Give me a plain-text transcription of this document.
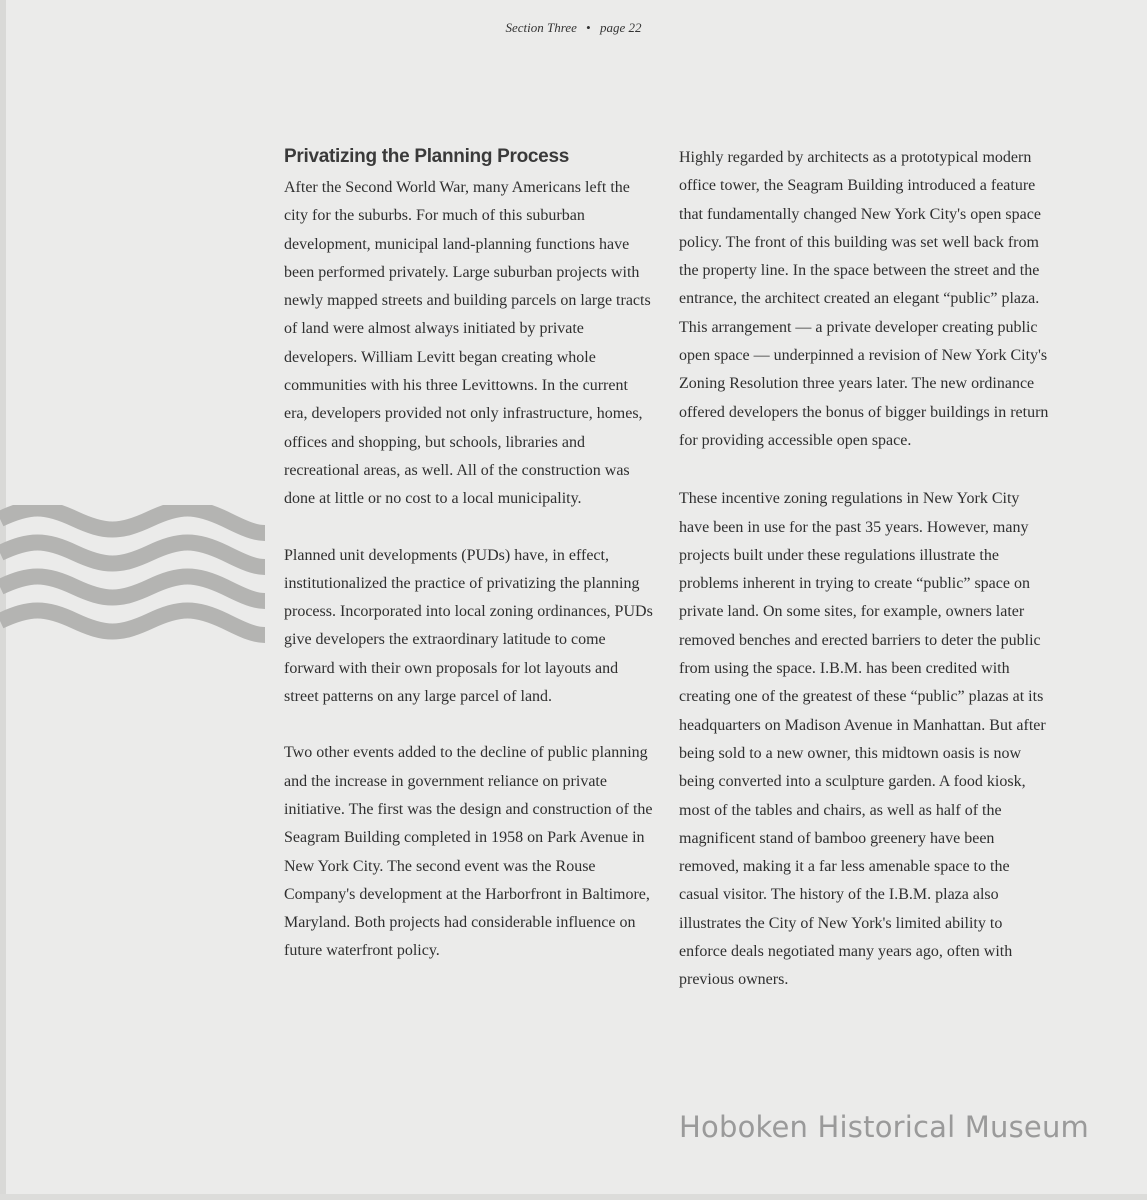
Section Three • page 22
Privatizing the Planning Process

After the Second World War, many Americans left the city for the suburbs. For much of this suburban development, municipal land-planning functions have been performed privately. Large suburban projects with newly mapped streets and building parcels on large tracts of land were almost always initiated by private developers. William Levitt began creating whole communities with his three Levittowns. In the current era, developers provided not only infrastructure, homes, offices and shopping, but schools, libraries and recreational areas, as well. All of the construction was done at little or no cost to a local municipality.

Planned unit developments (PUDs) have, in effect, institutionalized the practice of privatizing the planning process. Incorporated into local zoning ordinances, PUDs give developers the extraordinary latitude to come forward with their own proposals for lot layouts and street patterns on any large parcel of land.

Two other events added to the decline of public planning and the increase in government reliance on private initiative. The first was the design and construction of the Seagram Building completed in 1958 on Park Avenue in New York City. The second event was the Rouse Company's development at the Harborfront in Baltimore, Maryland. Both projects had considerable influence on future waterfront policy.

Highly regarded by architects as a prototypical modern office tower, the Seagram Building introduced a feature that fundamentally changed New York City's open space policy. The front of this building was set well back from the property line. In the space between the street and the entrance, the architect created an elegant “public” plaza. This arrangement — a private developer creating public open space — underpinned a revision of New York City's Zoning Resolution three years later. The new ordinance offered developers the bonus of bigger buildings in return for providing accessible open space.

These incentive zoning regulations in New York City have been in use for the past 35 years. However, many projects built under these regulations illustrate the problems inherent in trying to create “public” space on private land. On some sites, for example, owners later removed benches and erected barriers to deter the public from using the space. I.B.M. has been credited with creating one of the greatest of these “public” plazas at its headquarters on Madison Avenue in Manhattan. But after being sold to a new owner, this midtown oasis is now being converted into a sculpture garden. A food kiosk, most of the tables and chairs, as well as half of the magnificent stand of bamboo greenery have been removed, making it a far less amenable space to the casual visitor. The history of the I.B.M. plaza also illustrates the City of New York's limited ability to enforce deals negotiated many years ago, often with previous owners.

Hoboken Historical Museum
